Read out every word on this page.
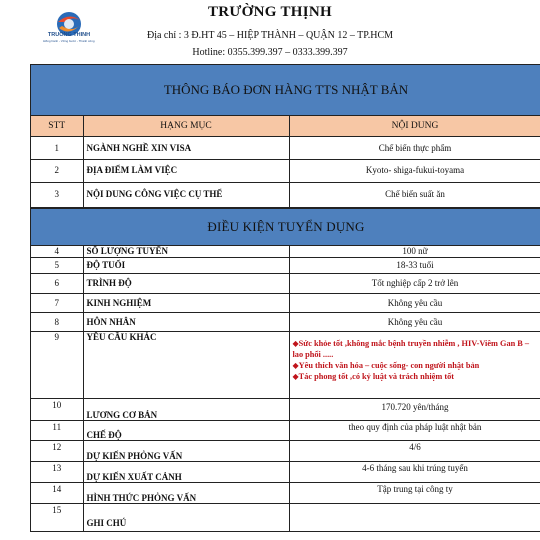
TRUONG THINH
Đồng hành - Vững bước - Thành công
TRƯỜNG THỊNH
Địa chỉ : 3 Đ.HT 45 – HIỆP THÀNH – QUẬN 12 – TP.HCM
Hotline: 0355.399.397 – 0333.399.397
THÔNG BÁO ĐƠN HÀNG TTS NHẬT BẢN
STT	HẠNG MỤC	NỘI DUNG
1	NGÀNH NGHỀ XIN VISA	Chế biến thực phẩm
2	ĐỊA ĐIỂM LÀM VIỆC	Kyoto- shiga-fukui-toyama
3	NỘI DUNG CÔNG VIỆC CỤ THỂ	Chế biến suất ăn
ĐIỀU KIỆN TUYỂN DỤNG
4	SỐ LƯỢNG TUYỂN	100 nữ
5	ĐỘ TUỔI	18-33 tuổi
6	TRÌNH ĐỘ	Tốt nghiệp cấp 2 trở lên
7	KINH NGHIỆM	Không yêu cầu
8	HÔN NHÂN	Không yêu cầu
9	YÊU CẦU KHÁC	◆Sức khỏe tốt ,không mắc bệnh truyền nhiễm , HIV-Viêm Gan B – lao phổi .....
◆Yêu thích văn hóa – cuộc sống- con người nhật bản
◆Tác phong tốt ,có kỷ luật và trách nhiệm tốt

10	LƯƠNG CƠ BẢN	170.720 yên/tháng
11	CHẾ ĐỘ	theo quy định của pháp luật nhật bản
12	DỰ KIẾN PHỎNG VẤN	4/6
13	DỰ KIẾN XUẤT CẢNH	4-6 tháng sau khi trúng tuyển
14	HÌNH THỨC PHỎNG VẤN	Tập trung tại công ty
15	GHI CHÚ	
